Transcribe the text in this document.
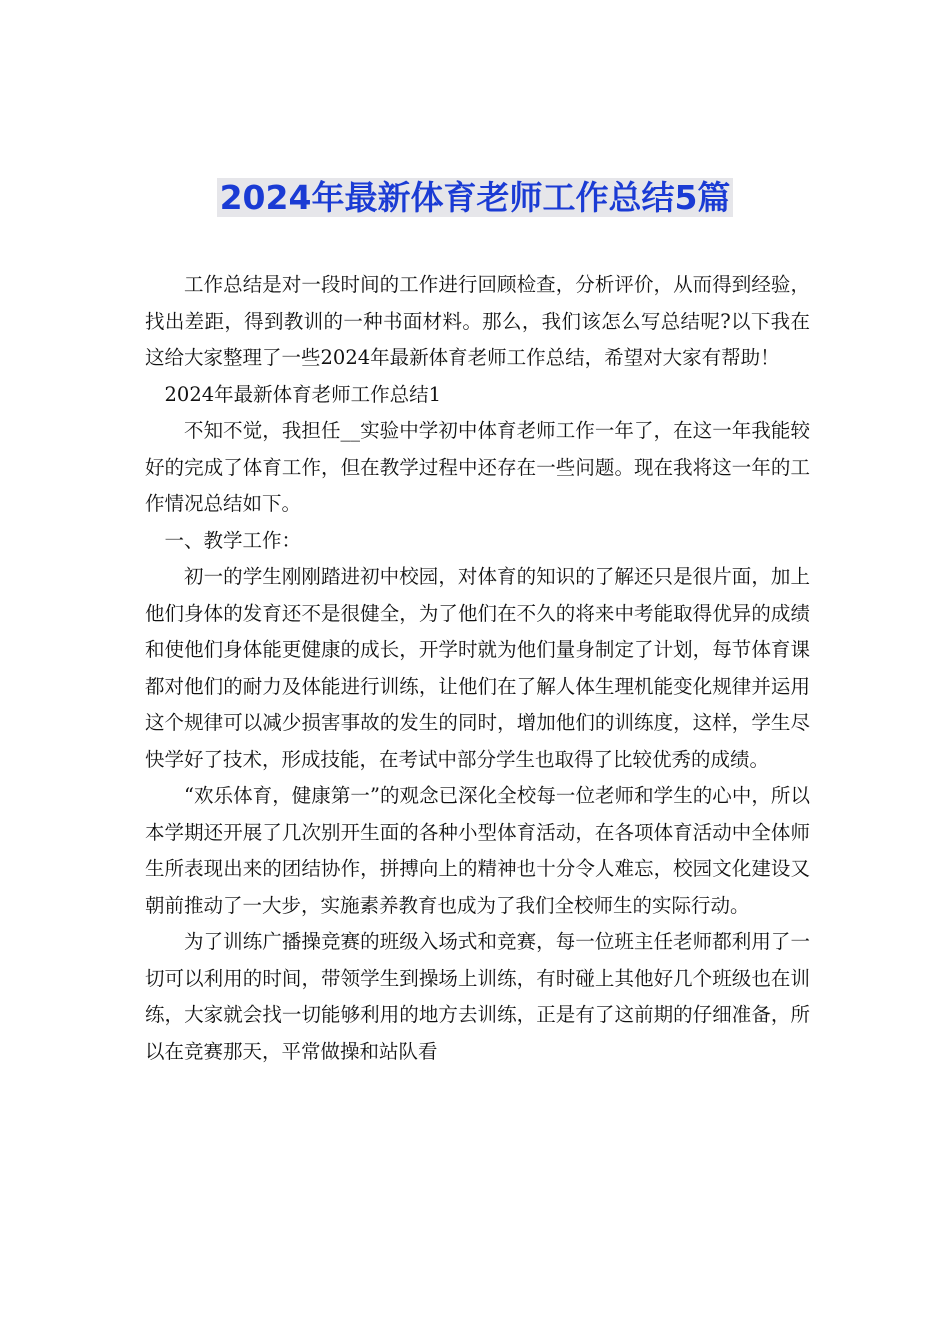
2024年最新体育老师工作总结5篇

工作总结是对一段时间的工作进行回顾检查，分析评价，从而得到经验，找出差距，得到教训的一种书面材料。那么，我们该怎么写总结呢?以下我在这给大家整理了一些2024年最新体育老师工作总结，希望对大家有帮助！

2024年最新体育老师工作总结1

不知不觉，我担任__实验中学初中体育老师工作一年了，在这一年我能较好的完成了体育工作，但在教学过程中还存在一些问题。现在我将这一年的工作情况总结如下。

一、教学工作：

初一的学生刚刚踏进初中校园，对体育的知识的了解还只是很片面，加上他们身体的发育还不是很健全，为了他们在不久的将来中考能取得优异的成绩和使他们身体能更健康的成长，开学时就为他们量身制定了计划，每节体育课都对他们的耐力及体能进行训练，让他们在了解人体生理机能变化规律并运用这个规律可以减少损害事故的发生的同时，增加他们的训练度，这样，学生尽快学好了技术，形成技能，在考试中部分学生也取得了比较优秀的成绩。

“欢乐体育，健康第一”的观念已深化全校每一位老师和学生的心中，所以本学期还开展了几次别开生面的各种小型体育活动，在各项体育活动中全体师生所表现出来的团结协作，拼搏向上的精神也十分令人难忘，校园文化建设又朝前推动了一大步，实施素养教育也成为了我们全校师生的实际行动。

为了训练广播操竞赛的班级入场式和竞赛，每一位班主任老师都利用了一切可以利用的时间，带领学生到操场上训练，有时碰上其他好几个班级也在训练，大家就会找一切能够利用的地方去训练，正是有了这前期的仔细准备，所以在竞赛那天，平常做操和站队看
